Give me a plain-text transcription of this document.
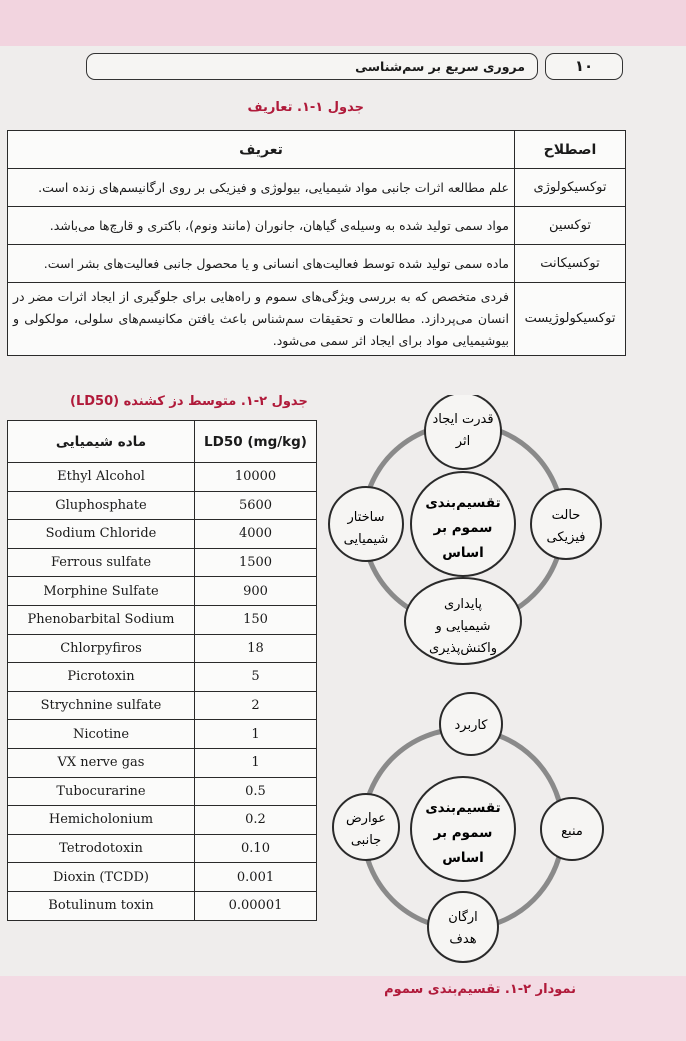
مروری سریع بر سم‌شناسی	۱۰
جدول ۱-۱. تعاریف
اصطلاح	تعریف
توکسیکولوژی	علم مطالعه اثرات جانبی مواد شیمیایی، بیولوژی و فیزیکی بر روی ارگانیسم‌های زنده است.
توکسین	مواد سمی تولید شده به وسیله‌ی گیاهان، جانوران (مانند ونوم)، باکتری و قارچ‌ها می‌باشد.
توکسیکانت	ماده سمی تولید شده توسط فعالیت‌های انسانی و یا محصول جانبی فعالیت‌های بشر است.
توکسیکولوژیست	فردی متخصص که به بررسی ویژگی‌های سموم و راه‌هایی برای جلوگیری از ایجاد اثرات مضر در انسان می‌پردازد. مطالعات و تحقیقات سم‌شناس باعث یافتن مکانیسم‌های سلولی، مولکولی و بیوشیمیایی مواد برای ایجاد اثر سمی می‌شود.
جدول ۲-۱. متوسط دز کشنده (LD50)
ماده شیمیایی	LD50 (mg/kg)
Ethyl Alcohol	10000
Gluphosphate	5600
Sodium Chloride	4000
Ferrous sulfate	1500
Morphine Sulfate	900
Phenobarbital Sodium	150
Chlorpyfiros	18
Picrotoxin	5
Strychnine sulfate	2
Nicotine	1
VX nerve gas	1
Tubocurarine	0.5
Hemicholonium	0.2
Tetrodotoxin	0.10
Dioxin (TCDD)	0.001
Botulinum toxin	0.00001
تقسیم‌بندی
سموم بر
اساس
قدرت ایجاد
اثر
ساختار
شیمیایی
حالت
فیزیکی
پایداری
شیمیایی و
واکنش‌پذیری
تقسیم‌بندی
سموم بر
اساس
کاربرد
عوارض
جانبی
منبع
ارگان
هدف
نمودار ۲-۱. تقسیم‌بندی سموم
